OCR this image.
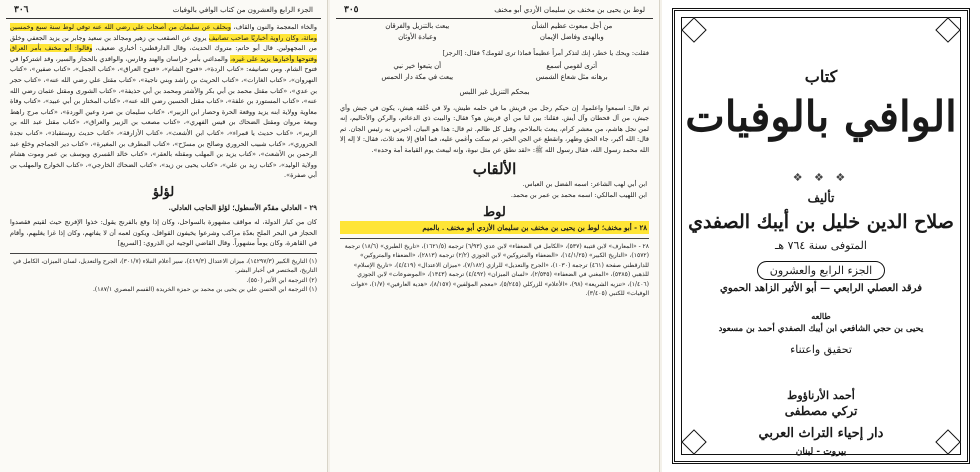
الجزء الرابع والعشرون من كتاب الوافي بالوفيات
٣٠٦
والخاء المعجمة والنون والقاف، وبحلف عن سليمان من أصحاب علي رضي الله عنه توفي لوط سنة سبع وخمسين ومائة، وكان راوية أخباريًا صاحب تصانيف يروي عن الصقعب بن زهير ومجالد بن سعيد وجابر بن يزيد الجعفي وخلق من المجهولين. قال أبو حاتم: متروك الحديث، وقال الدارقطني: أخباري ضعيف، وقالوا: أبو مخنف بأمر العراق وفتوحها وأخبارها يزيد على غيره، والمدائني بأمر خراسان والهند وفارس، والواقدي بالحجاز والسير، وقد اشتركوا في فتوح الشام. ومن تصانيفه: «كتاب الردة»، «فتوح الشام»، «فتوح العراق»، «كتاب الجمل»، «كتاب صفين»، «كتاب النهروان»، «كتاب الغارات»، «كتاب الحريث بن راشد وبني ناجية»، «كتاب مقتل علي رضي الله عنه»، «كتاب حجر بن عدي»، «كتاب مقتل محمد بن أبي بكر والأشتر ومحمد بن أبي حذيفة»، «كتاب الشورى ومقتل عثمان رضي الله عنه»، «كتاب المستورد بن علفة»، «كتاب مقتل الحسين رضي الله عنه»، «كتاب المختار بن أبي عبيد»، «كتاب وفاة معاوية وولاية ابنه يزيد ووقعة الحرة وحصار ابن الزبير»، «كتاب سليمان بن صرد وعين الوردة»، «كتاب مرج راهط وبيعة مروان ومقتل الضحاك بن قيس الفهري»، «كتاب مصعب بن الزبير والعراق»، «كتاب مقتل عبد الله بن الزبير»، «كتاب حديث يا قمراء»، «كتاب ابن الأشعث»، «كتاب الأزارقة»، «كتاب حديث روستقباذ»، «كتاب نجدة الحروري»، «كتاب شبيب الحروري وصالح بن مسرّح»، «كتاب المطرف بن المغيرة»، «كتاب دير الجماجم وخلع عبد الرحمن بن الأشعث»، «كتاب يزيد بن المهلب ومقتله بالعقر»، «كتاب خالد القسري ويوسف بن عمر وموت هشام وولاية الوليد»، «كتاب زيد بن علي»، «كتاب يحيى بن زيد»، «كتاب الضحاك الخارجي»، «كتاب الخوارج والمهلب بن أبي صفرة».
لؤلؤ
٢٩ - العادلي مقدّم الأسطول؛ لؤلؤ الحاجب العادلي.
كان من كبار الدولة، له مواقف مشهورة بالسواحل، وكان إذا وقع بالفرنج يقول: خذوا الإفرنج حيث لقيتم فقصدوا الحجاز في البحر الملح بعدّة مراكب وشرعوا يخيفون القوافل، ويكون لعمه أن لا يفاتهم، وكان إذا غزا يغلبهم، وأقام في القاهرة، وكان يوماً مشهوراً. وقال القاضي الوجيه ابن الذروي: [السريع]
(١) التاريخ الكبير (١٤٢٩٧/٣)، ميزان الاعتدال (٤١٩/٣)، سير أعلام النبلاء (٣٠١/٧)، الجرح والتعديل، لسان الميزان، الكامل في التاريخ، المختصر في أخبار البشر.
(٢) الترجمة ابن الأثير (٥٥٠).
(١) الترجمة ابن الحسن علي بن يحيى بن محمد بن حمزة الخريدة (القسم المصري ١٨٧/١).
لوط بن يحيى بن مخنف بن سليمان الأزدي أبو مخنف
٣٠٥
من أجل مبعوث عظيم الشأن
يبعث بالتنزيل والفرقان
وبالهدى وفاضل الإيمان
وعبادة الأوثان
فقلت: ويحك يا خطر، إنك لتذكر أمراً عظيماً فماذا ترى لقومك؟ فقال: [الرجز]
أترى لقومي أسمع
أن يتبعوا خير نبي
برهانه مثل شعاع الشمس
يبعث في مكة دار الحمس
بمحكم التنزيل غير اللبس
ثم قال: اسمعوا واعلموا، إن حيكم رجل من قريش ما في حلمه طيش، ولا في خُلقه هيش، يكون في جيش وأي جيش، من آل قحطان وآل أيش. فقلنا: بين لنا من أي قريش هو؟ فقال: والبيت ذي الدعائم، والركن والأحاليم، إنه لمن نجل هاشم، من معشر كرام، يبعث بالملاحم، وقتل كل ظالم. ثم قال: هذا هو البيان، أخبرني به رئيس الجان. ثم قال: الله أكبر، جاء الحق وظهر، وانقطع عن الجن الخبر. ثم سكت وأغمي عليه، فما أفاق إلا بعد ثلاث، فقال: لا إله إلا الله محمد رسول الله، فقال رسول الله ﷺ: «لقد نطق عن مثل نبوة، وإنه ليبعث يوم القيامة أمة وحده».
الألقاب
ابن أبي لهب الشاعر: اسمه الفضل بن العباس.
ابن اللهيب المالكي: اسمه محمد بن عمر بن محمد.
لوط
٢٨ - أبو مخنف؛ لوط بن يحيى بن مخنف بن سليمان الأزدي أبو مخنف . بالميم
٢٨ - «المعارف» لابن قتيبة (٥٣٧)، «الكامل في الضعفاء» لابن عدي (٦/٩٣) ترجمة (١٦٢١/٥)، «تاريخ الطبري» (١٨/٦) ترجمة (١٥٧٢)، «التاريخ الكبير» (١٤/١/٢٥)، «الضعفاء والمتروكين» لابن الجوزي (٢/٢) ترجمة (٢٨١٣)، «الضعفاء والمتروكين» للدارقطني صفحة (٤٦١) ترجمة (١٠٣٠)، «الجرح والتعديل» للرازي (٧/١٨٢)، «ميزان الاعتدال» (٤/٤١٩)، «تاريخ الإسلام» للذهبي (٥٣٨٥)، «المغني في الضعفاء» (٢/٥٣٥)، «لسان الميزان» (٤/٤٩٢) ترجمة (١٣٤٣)، «الموضوعات» لابن الجوزي (١/٤٠٦)، «تنزيه الشريعة» (٩٨)، «الأعلام» للزركلي (٥/٢٤٥)، «معجم المؤلفين» (٨/١٥٧)، «هدية العارفين» (١/٧)، «فوات الوفيات» للكتبي (٣/٤٠٥).
كتاب
الوافي بالوفيات
❖ ❖ ❖
تأليف
صلاح الدين خليل بن أيبك الصفدي
المتوفى سنة ٧٦٤ هـ
الجزء الرابع والعشرون
فرقد العصلي الرابعي — أبو الأثير الزاهد الحموي
طالعه
يحيى بن حجي الشافعي ابن أيبك الصفدي أحمد بن مسعود
تحقيق واعتناء
أحمد الأرناؤوط
تركي مصطفى
دار إحياء التراث العربي
بيروت - لبنان
